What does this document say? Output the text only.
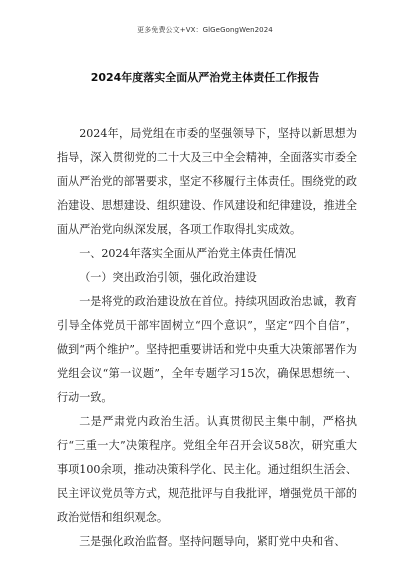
更多免费公文+VX：GlGeGongWen2024
2024年度落实全面从严治党主体责任工作报告

2024年，局党组在市委的坚强领导下，坚持以新思想为指导，深入贯彻党的二十大及三中全会精神，全面落实市委全面从严治党的部署要求，坚定不移履行主体责任。围绕党的政治建设、思想建设、组织建设、作风建设和纪律建设，推进全面从严治党向纵深发展，各项工作取得扎实成效。

一、2024年落实全面从严治党主体责任情况

（一）突出政治引领，强化政治建设

一是将党的政治建设放在首位。持续巩固政治忠诚，教育引导全体党员干部牢固树立“四个意识”，坚定“四个自信”，做到“两个维护”。坚持把重要讲话和党中央重大决策部署作为党组会议“第一议题”，全年专题学习15次，确保思想统一、行动一致。

二是严肃党内政治生活。认真贯彻民主集中制，严格执行“三重一大”决策程序。党组全年召开会议58次，研究重大事项100余项，推动决策科学化、民主化。通过组织生活会、民主评议党员等方式，规范批评与自我批评，增强党员干部的政治觉悟和组织观念。

三是强化政治监督。坚持问题导向，紧盯党中央和省、
